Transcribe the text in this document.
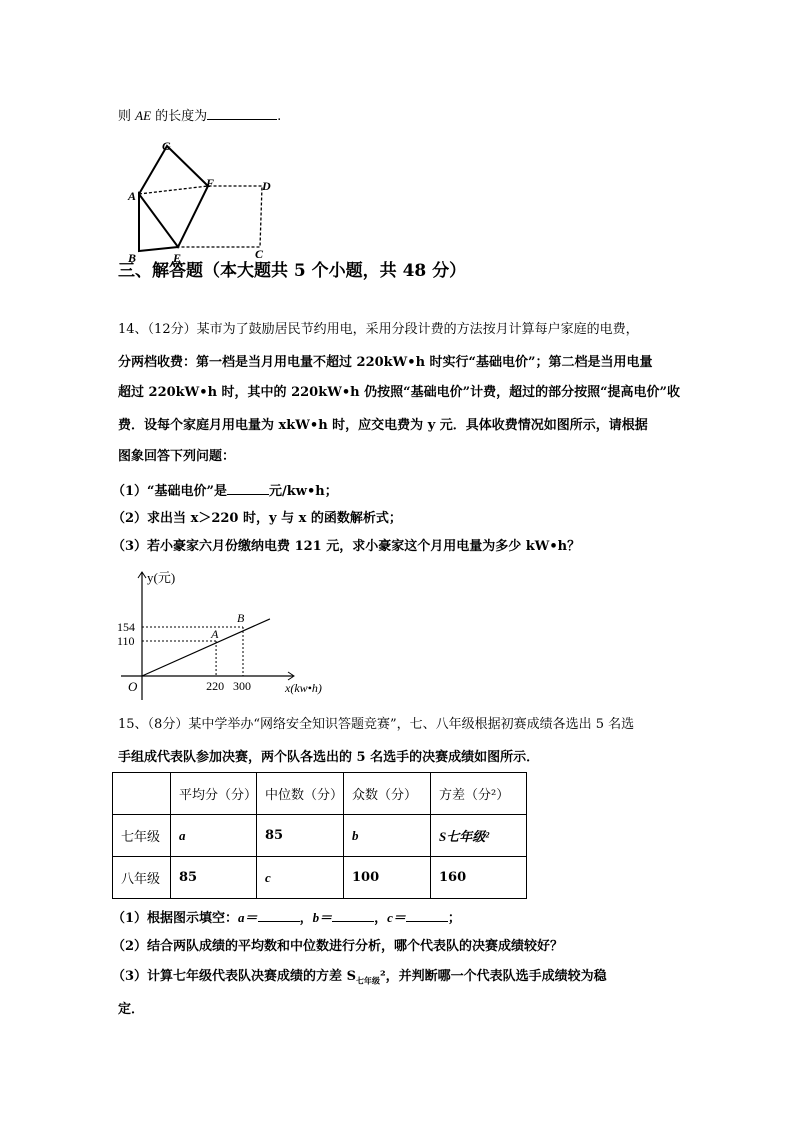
则 AE 的长度为	.
G
A
F	D
B	E	C
三、解答题（本大题共 5 个小题，共 48 分）
14、（12分）某市为了鼓励居民节约用电，采用分段计费的方法按月计算每户家庭的电费，
分两档收费：第一档是当月用电量不超过 220kW•h 时实行“基础电价”；第二档是当用电量
超过 220kW•h 时，其中的 220kW•h 仍按照“基础电价”计费，超过的部分按照“提高电价”收
费．设每个家庭月用电量为 xkW•h 时，应交电费为 y 元．具体收费情况如图所示，请根据
图象回答下列问题：
（1）“基础电价”是	元/kw•h；
（2）求出当 x＞220 时，y 与 x 的函数解析式；
（3）若小豪家六月份缴纳电费 121 元，求小豪家这个月用电量为多少 kW•h？
y(元)
x(kw•h)
O
A
220
110
B
300
154
15、（8分）某中学举办“网络安全知识答题竞赛”，七、八年级根据初赛成绩各选出 5 名选
手组成代表队参加决赛，两个队各选出的 5 名选手的决赛成绩如图所示．
	平均分（分）	中位数（分）	众数（分）	方差（分²）
七年级	a	85	b	S七年级²
八年级	85	c	100	160
（1）根据图示填空：a＝	，b＝	，c＝	；
（2）结合两队成绩的平均数和中位数进行分析，哪个代表队的决赛成绩较好？
（3）计算七年级代表队决赛成绩的方差 $S_{七年级}^2$，并判断哪一个代表队选手成绩较为稳
定．
